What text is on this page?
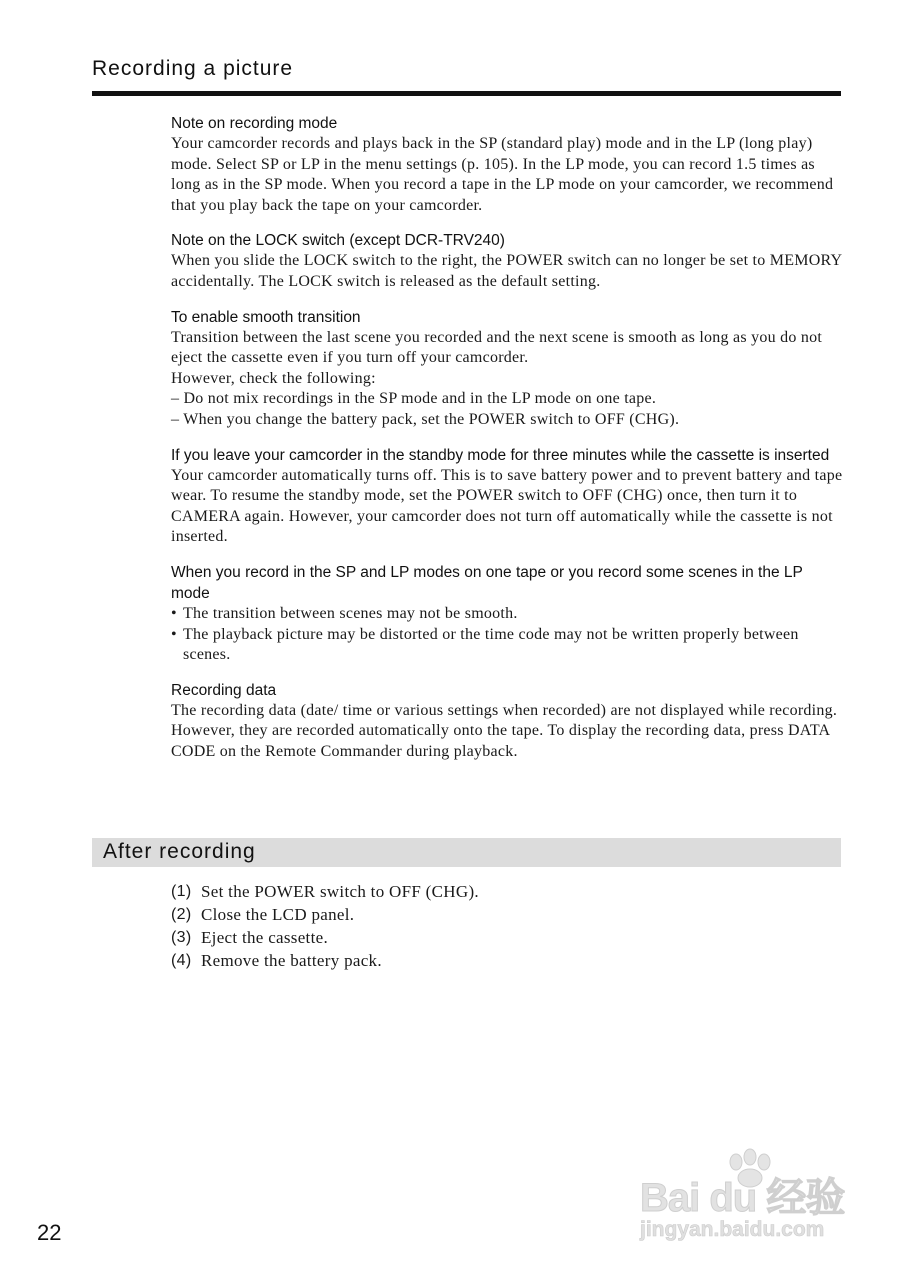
Recording a picture

Note on recording mode

Your camcorder records and plays back in the SP (standard play) mode and in the LP (long play) mode. Select SP or LP in the menu settings (p. 105). In the LP mode, you can record 1.5 times as long as in the SP mode. When you record a tape in the LP mode on your camcorder, we recommend that you play back the tape on your camcorder.

Note on the LOCK switch (except DCR-TRV240)

When you slide the LOCK switch to the right, the POWER switch can no longer be set to MEMORY accidentally. The LOCK switch is released as the default setting.

To enable smooth transition

Transition between the last scene you recorded and the next scene is smooth as long as you do not eject the cassette even if you turn off your camcorder.

However, check the following:

– Do not mix recordings in the SP mode and in the LP mode on one tape.

– When you change the battery pack, set the POWER switch to OFF (CHG).

If you leave your camcorder in the standby mode for three minutes while the cassette is inserted

Your camcorder automatically turns off. This is to save battery power and to prevent battery and tape wear. To resume the standby mode, set the POWER switch to OFF (CHG) once, then turn it to CAMERA again. However, your camcorder does not turn off automatically while the cassette is not inserted.

When you record in the SP and LP modes on one tape or you record some scenes in the LP mode

• The transition between scenes may not be smooth.
• The playback picture may be distorted or the time code may not be written properly between scenes.

Recording data

The recording data (date/ time or various settings when recorded) are not displayed while recording. However, they are recorded automatically onto the tape. To display the recording data, press DATA CODE on the Remote Commander during playback.

After recording
(1) Set the POWER switch to OFF (CHG).
(2) Close the LCD panel.
(3) Eject the cassette.
(4) Remove the battery pack.
22
Bai du 经验
jingyan.baidu.com
